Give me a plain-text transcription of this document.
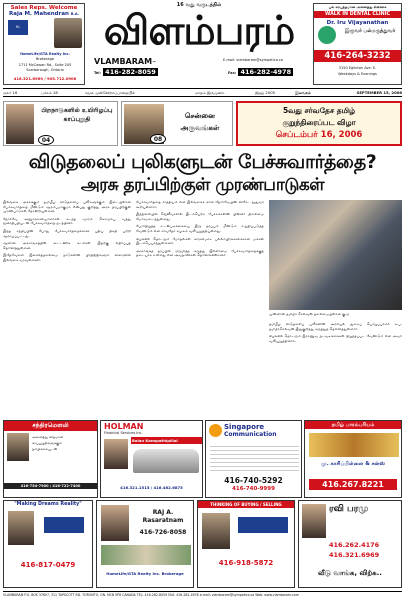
Sales Reps. Welcome
Raja M. Mahendran B.A.
HL
HomeLife/GTA Realty Inc.
Brokerage
1711 McCowan Rd., Suite 205
Scarborough, Ontario
416.321.6969 / 905.712.0906
16 வது வருடத்தில்
விளம்பரம்
VLAMBARAM™	E-mail: vlambaram@sympatico.ca
Tel: 416-282-8059	Fax: 416-282-4978
பல் சம்பந்தமான அனைத்து சிகிச்சை
WALK IN DENTAL CLINIC
Dr. Iru Vijayanathan
இருவர் பல்மருத்துவர்
416-264-3232
3150 Eglinton Ave. E.
Weekdays & Evenings
மலர் 16	பக்கம் 18	சமூக முன்னேற்றப்பாதையில்	மாதம் இருமுறை	இதழ் 2005	இலவசம்	SEPTEMBER 15, 2006
பிறநாடுகளில் உயிரிழப்பு காப்புறுதி
04	08
சென்னை அருவங்கள்
5வது சர்வதேச தமிழ்
குறுந்திரைப்பட விழா
செப்டம்பர் 16, 2006
விடுதலைப் புலிகளுடன் பேச்சுவார்த்தை?
அரசு தரப்பிற்குள் முரண்பாடுகள்

இலங்கை அரசுக்கும் தமிழீழ விடுதலைப் புலிகளுக்கும் இடையிலான பேச்சுவார்த்தை மீண்டும் ஆரம்பமாகுமா என்பது குறித்து அரசு தரப்பிற்குள் முரண்பாடுகள் தோன்றியுள்ளன.

நோர்வே அனுசரணையாளர்கள் கடந்த வாரம் கொழும்பு வந்து ஜனாதிபதியுடன் பேச்சுவார்த்தை நடத்தினர்.

இந்த சந்திப்பின் போது பேச்சுவார்த்தைக்கான புதிய திகதி பற்றி ஆராயப்பட்டது.

ஆனால் அரசாங்கத்தின் கூட்டணிக் கட்சிகள் இதற்கு எதிர்ப்புத் தெரிவித்துள்ளன.

இதேவேளை இணைத்தலைமை நாடுகளின் பிரதிநிதிகளும் விரைவில் இலங்கை வரவுள்ளனர்.

பேச்சுவார்த்தை சாத்தியம் என இலங்கைக் கான நோர்வேயின் விசேட தூதுவர் கூறியுள்ளார்.

இந்நிலையில் ஜெனீவாவில் இடம்பெற்ற பேச்சுக்களின் பின்னர் நிலைமை மோசமடைந்துள்ளது.

போர்நிறுத்த உடன்படிக்கையை இரு தரப்பும் மீண்டும் உறுதிப்படுத்த வேண்டும் என சர்வதேச சமூகம் வலியுறுத்தியுள்ளது.

கிழக்கில் தொடரும் மோதல்கள் காரணமாக பல்லாயிரக்கணக்கான மக்கள் இடம்பெயர்ந்துள்ளனர்.

அரசாங்கத் தரப்பில் ஒருமித்த கருத்து இல்லாமை பேச்சுவார்த்தைக்குத் தடையாக உள்ளது என அவதானிகள் தெரிவிக்கின்றனர்.

முன்னாள் தமிழ்ச் செல்வன் தலைமையிலான குழு

தமிழீழ விடுதலைப் புலிகளின் அரசியல் துறைப் பொறுப்பாளர் சு.ப. தமிழ்ச்செல்வன் இதுகுறித்து கருத்துத் தெரிவித்துள்ளார்.

கிழக்கில் தொடரும் இராணுவ நடவடிக்கைகள் நிறுத்தப்பட வேண்டும் என அவர் வலியுறுத்தினார்.

சந்திரமௌலி
அனைத்து விதமான
காப்புறுதிகளுக்கும்
நம்பிக்கையுடன்
416-754-7900 / 416-722-7400
HOLMAN
Financial Services Inc.
Balan Kanapathipillai
416.321.1515 / 416.462.6875
Singapore
Communication
416-740-5292
416-740-9999
தமிழ் பாரம்பரியம்
மு. காசிப்பிள்ளை & சன்ஸ்
416.267.8221
"Making Dreams Reality"
416-817-0479
RAJ A. Rasaratnam
416-726-8058
HomeLife/GTA Realty Inc. Brokerage
THINKING OF BUYING / SELLING
416-918-5872
ரவி பரமு
416.262.4176
416.321.6969
வீடு வாங்க, விற்க..
VLAMBARAM P.O. BOX 37607, 311 TAPSCOTT RD. TORONTO, ON. M1B 5P8 CANADA TEL: 416-282-8059 FAX: 416-282-4978 e-mail: vlambaram@sympatico.ca Web: www.vlambaram.com
